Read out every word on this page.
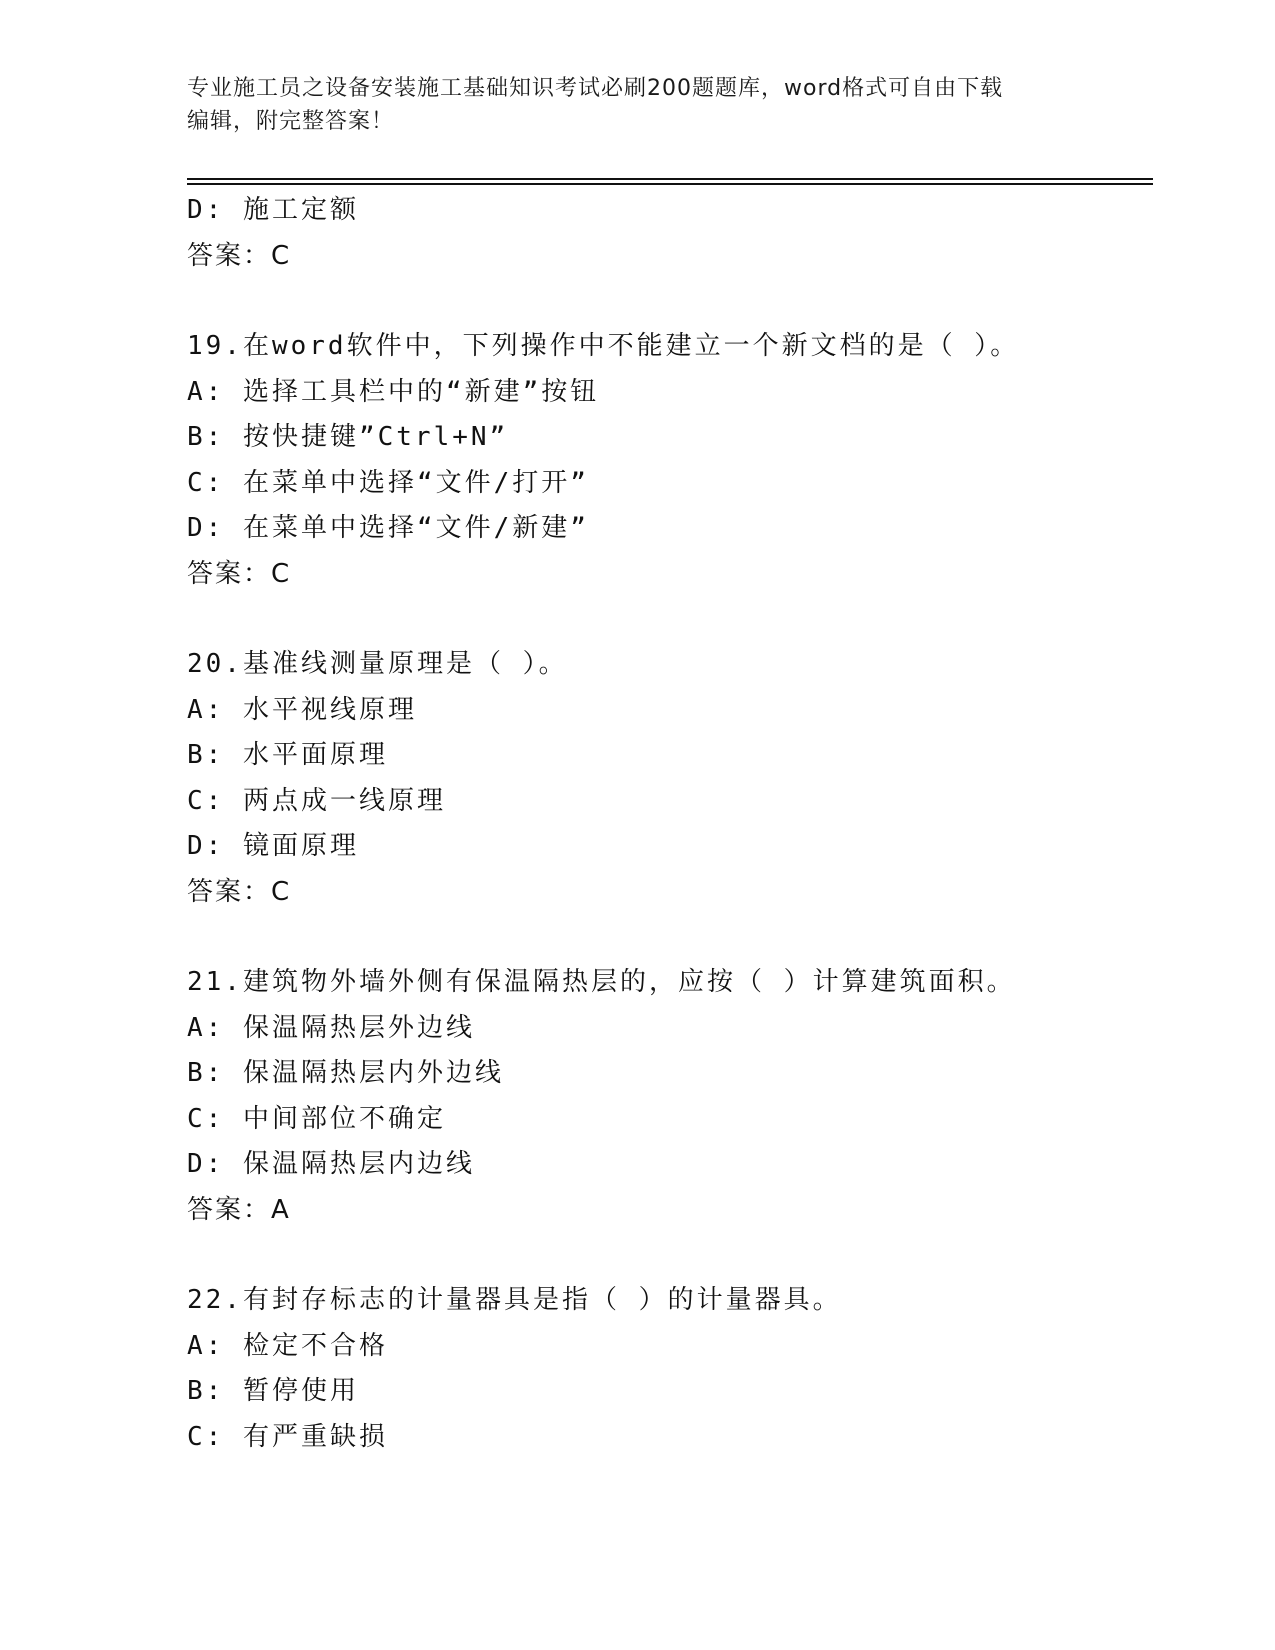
专业施工员之设备安装施工基础知识考试必刷200题题库，word格式可自由下载
编辑，附完整答案！
D: 施工定额
答案：C
19.在word软件中，下列操作中不能建立一个新文档的是（ ）。
A: 选择工具栏中的“新建”按钮
B: 按快捷键”Ctrl+N”
C: 在菜单中选择“文件/打开”
D: 在菜单中选择“文件/新建”
答案：C
20.基准线测量原理是（ ）。
A: 水平视线原理
B: 水平面原理
C: 两点成一线原理
D: 镜面原理
答案：C
21.建筑物外墙外侧有保温隔热层的，应按（ ）计算建筑面积。
A: 保温隔热层外边线
B: 保温隔热层内外边线
C: 中间部位不确定
D: 保温隔热层内边线
答案：A
22.有封存标志的计量器具是指（ ）的计量器具。
A: 检定不合格
B: 暂停使用
C: 有严重缺损
